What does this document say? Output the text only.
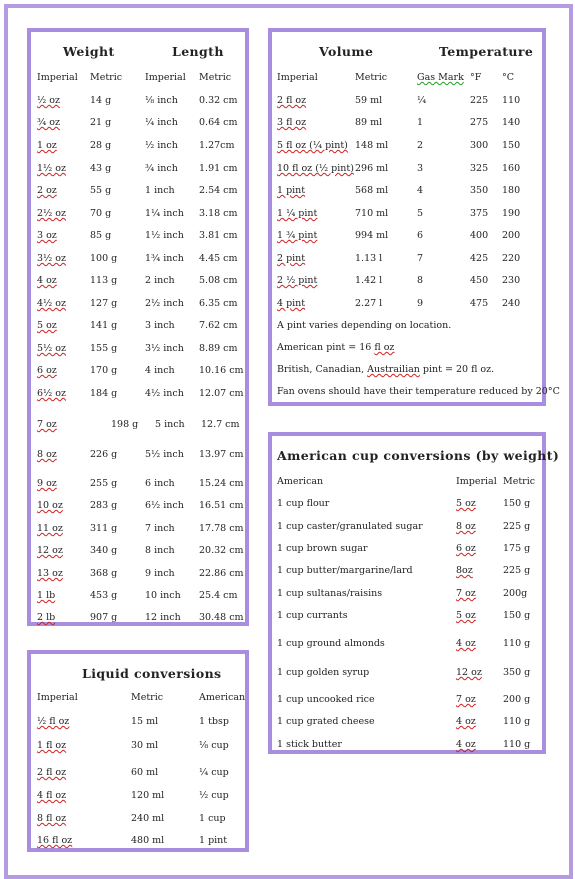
Weight	Length
Imperial Metric Imperial Metric
½ oz	14 g	⅛ inch 0.32 cm
¾ oz	21 g	¼ inch 0.64 cm
1 oz	28 g	½ inch 1.27cm
1½ oz	43 g	¾ inch 1.91 cm
2 oz	55 g	1 inch	2.54 cm
2½ oz	70 g	1¼ inch 3.18 cm
3 oz	85 g	1½ inch 3.81 cm
3½ oz	100 g	1¾ inch 4.45 cm
4 oz	113 g	2 inch	5.08 cm
4½ oz	127 g	2½ inch 6.35 cm
5 oz	141 g	3 inch	7.62 cm
5½ oz	155 g	3½ inch 8.89 cm
6 oz	170 g	4 inch	10.16 cm
6½ oz	184 g	4½ inch 12.07 cm
7 oz	198 g 5 inch 12.7 cm
8 oz	226 g	5½ inch 13.97 cm
9 oz	255 g	6 inch	15.24 cm
10 oz	283 g	6½ inch 16.51 cm
11 oz	311 g	7 inch	17.78 cm
12 oz	340 g	8 inch	20.32 cm
13 oz	368 g	9 inch	22.86 cm
1 lb	453 g	10 inch 25.4 cm
2 lb	907 g	12 inch 30.48 cm
Volume	Temperature
Imperial	Metric	Gas Mark °F °C
2 fl oz	59 ml	¼	225 110
3 fl oz	89 ml	1	275 140
5 fl oz (¼ pint) 148 ml	2	300 150
10 fl oz (½ pint) 296 ml	3	325 160
1 pint	568 ml	4	350 180
1 ¼ pint	710 ml	5	375 190
1 ¾ pint	994 ml	6	400 200
2 pint	1.13 l	7	425 220
2 ½ pint	1.42 l	8	450 230
4 pint	2.27 l	9	475 240
A pint varies depending on location.
American pint = 16 fl oz
British, Canadian, Austrailian pint = 20 fl oz.
Fan ovens should have their temperature reduced by 20°C
American cup conversions (by weight)
American	Imperial Metric
1 cup flour	5 oz	150 g
1 cup caster/granulated sugar	8 oz	225 g
1 cup brown sugar	6 oz	175 g
1 cup butter/margarine/lard	8oz	225 g
1 cup sultanas/raisins	7 oz	200g
1 cup currants	5 oz	150 g
1 cup ground almonds	4 oz	110 g
1 cup golden syrup	12 oz 350 g
1 cup uncooked rice	7 oz	200 g
1 cup grated cheese	4 oz	110 g
1 stick butter	4 oz	110 g
Liquid conversions
Imperial	Metric	American
½ fl oz	15 ml	1 tbsp
1 fl oz	30 ml	⅛ cup
2 fl oz	60 ml	¼ cup
4 fl oz	120 ml	½ cup
8 fl oz	240 ml	1 cup
16 fl oz	480 ml	1 pint
